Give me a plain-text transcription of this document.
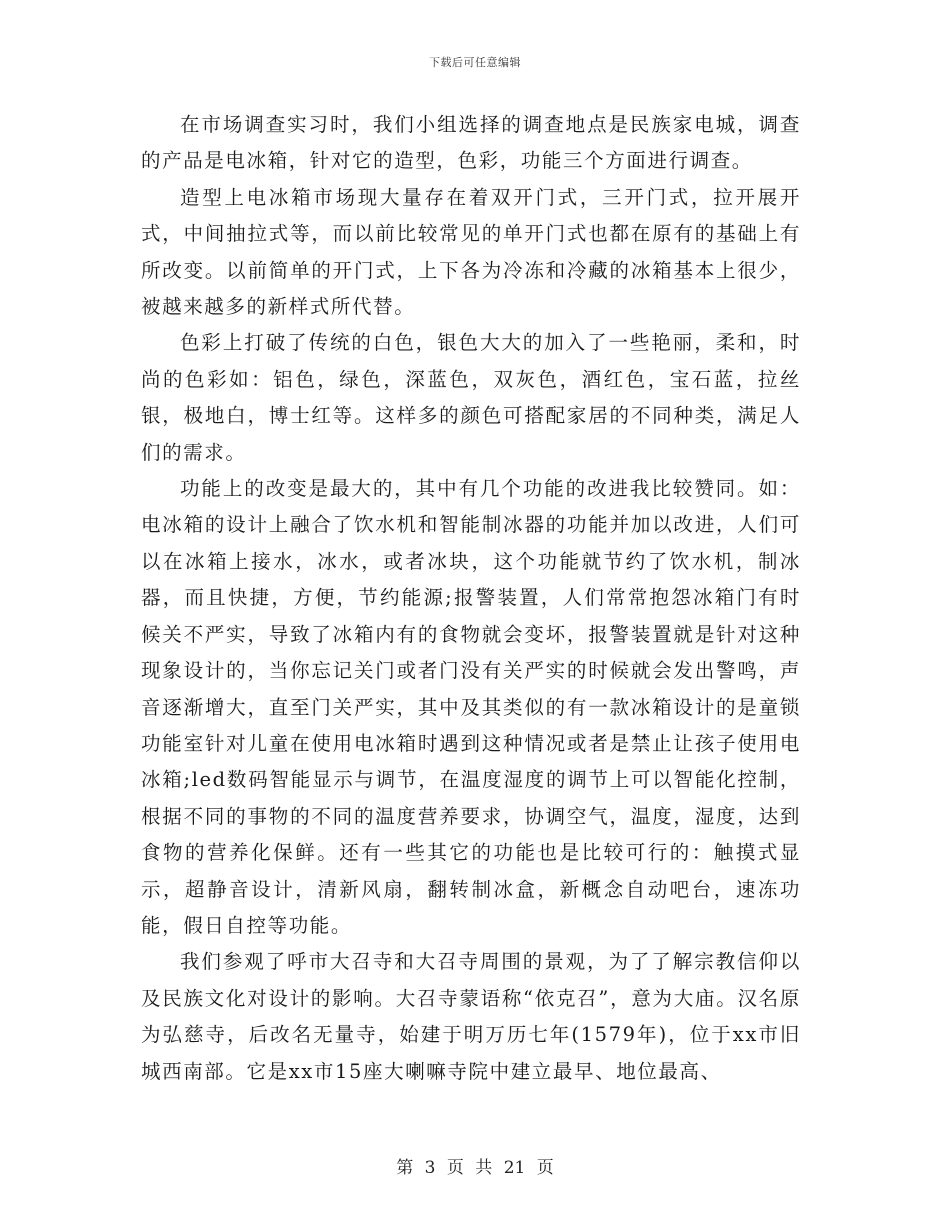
下载后可任意编辑

在市场调查实习时，我们小组选择的调查地点是民族家电城，调查的产品是电冰箱，针对它的造型，色彩，功能三个方面进行调查。

造型上电冰箱市场现大量存在着双开门式，三开门式，拉开展开式，中间抽拉式等，而以前比较常见的单开门式也都在原有的基础上有所改变。以前简单的开门式，上下各为冷冻和冷藏的冰箱基本上很少，被越来越多的新样式所代替。

色彩上打破了传统的白色，银色大大的加入了一些艳丽，柔和，时尚的色彩如：铝色，绿色，深蓝色，双灰色，酒红色，宝石蓝，拉丝银，极地白，博士红等。这样多的颜色可搭配家居的不同种类，满足人们的需求。

功能上的改变是最大的，其中有几个功能的改进我比较赞同。如：电冰箱的设计上融合了饮水机和智能制冰器的功能并加以改进，人们可以在冰箱上接水，冰水，或者冰块，这个功能就节约了饮水机，制冰器，而且快捷，方便，节约能源;报警装置，人们常常抱怨冰箱门有时候关不严实，导致了冰箱内有的食物就会变坏，报警装置就是针对这种现象设计的，当你忘记关门或者门没有关严实的时候就会发出警鸣，声音逐渐增大，直至门关严实，其中及其类似的有一款冰箱设计的是童锁功能室针对儿童在使用电冰箱时遇到这种情况或者是禁止让孩子使用电冰箱;led数码智能显示与调节，在温度湿度的调节上可以智能化控制，根据不同的事物的不同的温度营养要求，协调空气，温度，湿度，达到食物的营养化保鲜。还有一些其它的功能也是比较可行的：触摸式显示，超静音设计，清新风扇，翻转制冰盒，新概念自动吧台，速冻功能，假日自控等功能。

我们参观了呼市大召寺和大召寺周围的景观，为了了解宗教信仰以及民族文化对设计的影响。大召寺蒙语称“依克召”，意为大庙。汉名原为弘慈寺，后改名无量寺，始建于明万历七年(1579年)，位于xx市旧城西南部。它是xx市15座大喇嘛寺院中建立最早、地位最高、

第 3 页 共 21 页
